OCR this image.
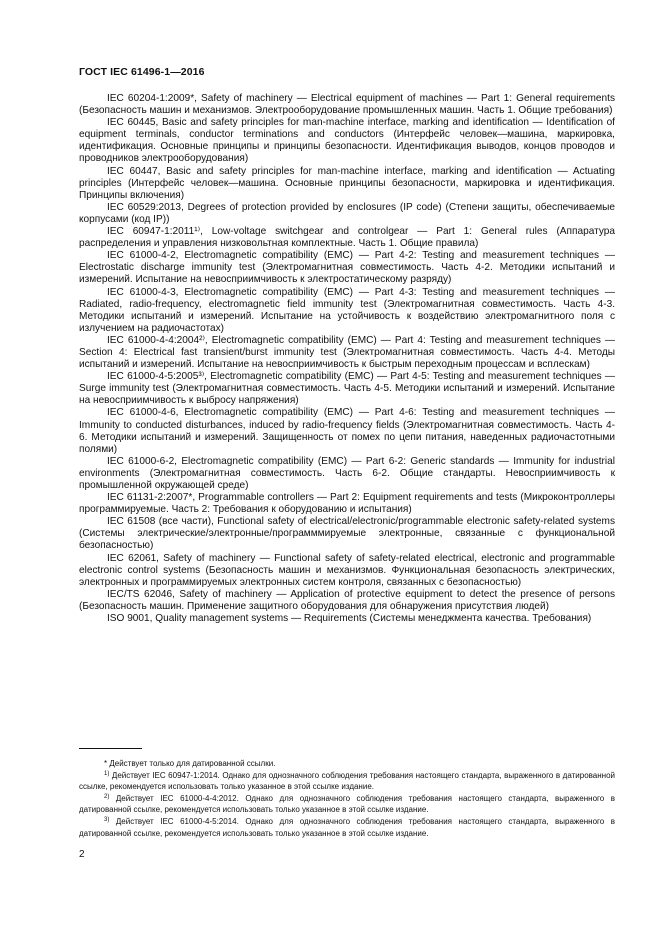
ГОСТ IEC 61496-1—2016

IEC 60204-1:2009*, Safety of machinery — Electrical equipment of machines — Part 1: General requirements (Безопасность машин и механизмов. Электрооборудование промышленных машин. Часть 1. Общие требования)

IEC 60445, Basic and safety principles for man-machine interface, marking and identification — Identification of equipment terminals, conductor terminations and conductors (Интерфейс человек—машина, маркировка, идентификация. Основные принципы и принципы безопасности. Идентификация выводов, концов проводов и проводников электрооборудования)

IEC 60447, Basic and safety principles for man-machine interface, marking and identification — Actuating principles (Интерфейс человек—машина. Основные принципы безопасности, маркировка и идентификация. Принципы включения)

IEC 60529:2013, Degrees of protection provided by enclosures (IP code) (Степени защиты, обеспечиваемые корпусами (код IP))

IEC 60947-1:2011¹⁾, Low-voltage switchgear and controlgear — Part 1: General rules (Аппаратура распределения и управления низковольтная комплектные. Часть 1. Общие правила)

IEC 61000-4-2, Electromagnetic compatibility (EMC) — Part 4-2: Testing and measurement techniques — Electrostatic discharge immunity test (Электромагнитная совместимость. Часть 4-2. Методики испытаний и измерений. Испытание на невосприимчивость к электростатическому разряду)

IEC 61000-4-3, Electromagnetic compatibility (EMC) — Part 4-3: Testing and measurement techniques — Radiated, radio-frequency, electromagnetic field immunity test (Электромагнитная совместимость. Часть 4-3. Методики испытаний и измерений. Испытание на устойчивость к воздействию электромагнитного поля с излучением на радиочастотах)

IEC 61000-4-4:2004²⁾, Electromagnetic compatibility (EMC) — Part 4: Testing and measurement techniques — Section 4: Electrical fast transient/burst immunity test (Электромагнитная совместимость. Часть 4-4. Методы испытаний и измерений. Испытание на невосприимчивость к быстрым переходным процессам и всплескам)

IEC 61000-4-5:2005³⁾, Electromagnetic compatibility (EMC) — Part 4-5: Testing and measurement techniques — Surge immunity test (Электромагнитная совместимость. Часть 4-5. Методики испытаний и измерений. Испытание на невосприимчивость к выбросу напряжения)

IEC 61000-4-6, Electromagnetic compatibility (EMC) — Part 4-6: Testing and measurement techniques — Immunity to conducted disturbances, induced by radio-frequency fields (Электромагнитная совместимость. Часть 4-6. Методики испытаний и измерений. Защищенность от помех по цепи питания, наведенных радиочастотными полями)

IEC 61000-6-2, Electromagnetic compatibility (EMC) — Part 6-2: Generic standards — Immunity for industrial environments (Электромагнитная совместимость. Часть 6-2. Общие стандарты. Невосприимчивость к промышленной окружающей среде)

IEC 61131-2:2007*, Programmable controllers — Part 2: Equipment requirements and tests (Микроконтроллеры программируемые. Часть 2: Требования к оборудованию и испытания)

IEC 61508 (все части), Functional safety of electrical/electronic/programmable electronic safety-related systems (Системы электрические/электронные/программмируемые электронные, связанные с функциональной безопасностью)

IEC 62061, Safety of machinery — Functional safety of safety-related electrical, electronic and programmable electronic control systems (Безопасность машин и механизмов. Функциональная безопасность электрических, электронных и программируемых электронных систем контроля, связанных с безопасностью)

IEC/TS 62046, Safety of machinery — Application of protective equipment to detect the presence of persons (Безопасность машин. Применение защитного оборудования для обнаружения присутствия людей)

ISO 9001, Quality management systems — Requirements (Системы менеджмента качества. Требования)

* Действует только для датированной ссылки.

$^{1)}$ Действует IEC 60947-1:2014. Однако для однозначного соблюдения требования настоящего стандарта, выраженного в датированной ссылке, рекомендуется использовать только указанное в этой ссылке издание.

$^{2)}$ Действует IEC 61000-4-4:2012. Однако для однозначного соблюдения требования настоящего стандарта, выраженного в датированной ссылке, рекомендуется использовать только указанное в этой ссылке издание.

$^{3)}$ Действует IEC 61000-4-5:2014. Однако для однозначного соблюдения требования настоящего стандарта, выраженного в датированной ссылке, рекомендуется использовать только указанное в этой ссылке издание.

2
